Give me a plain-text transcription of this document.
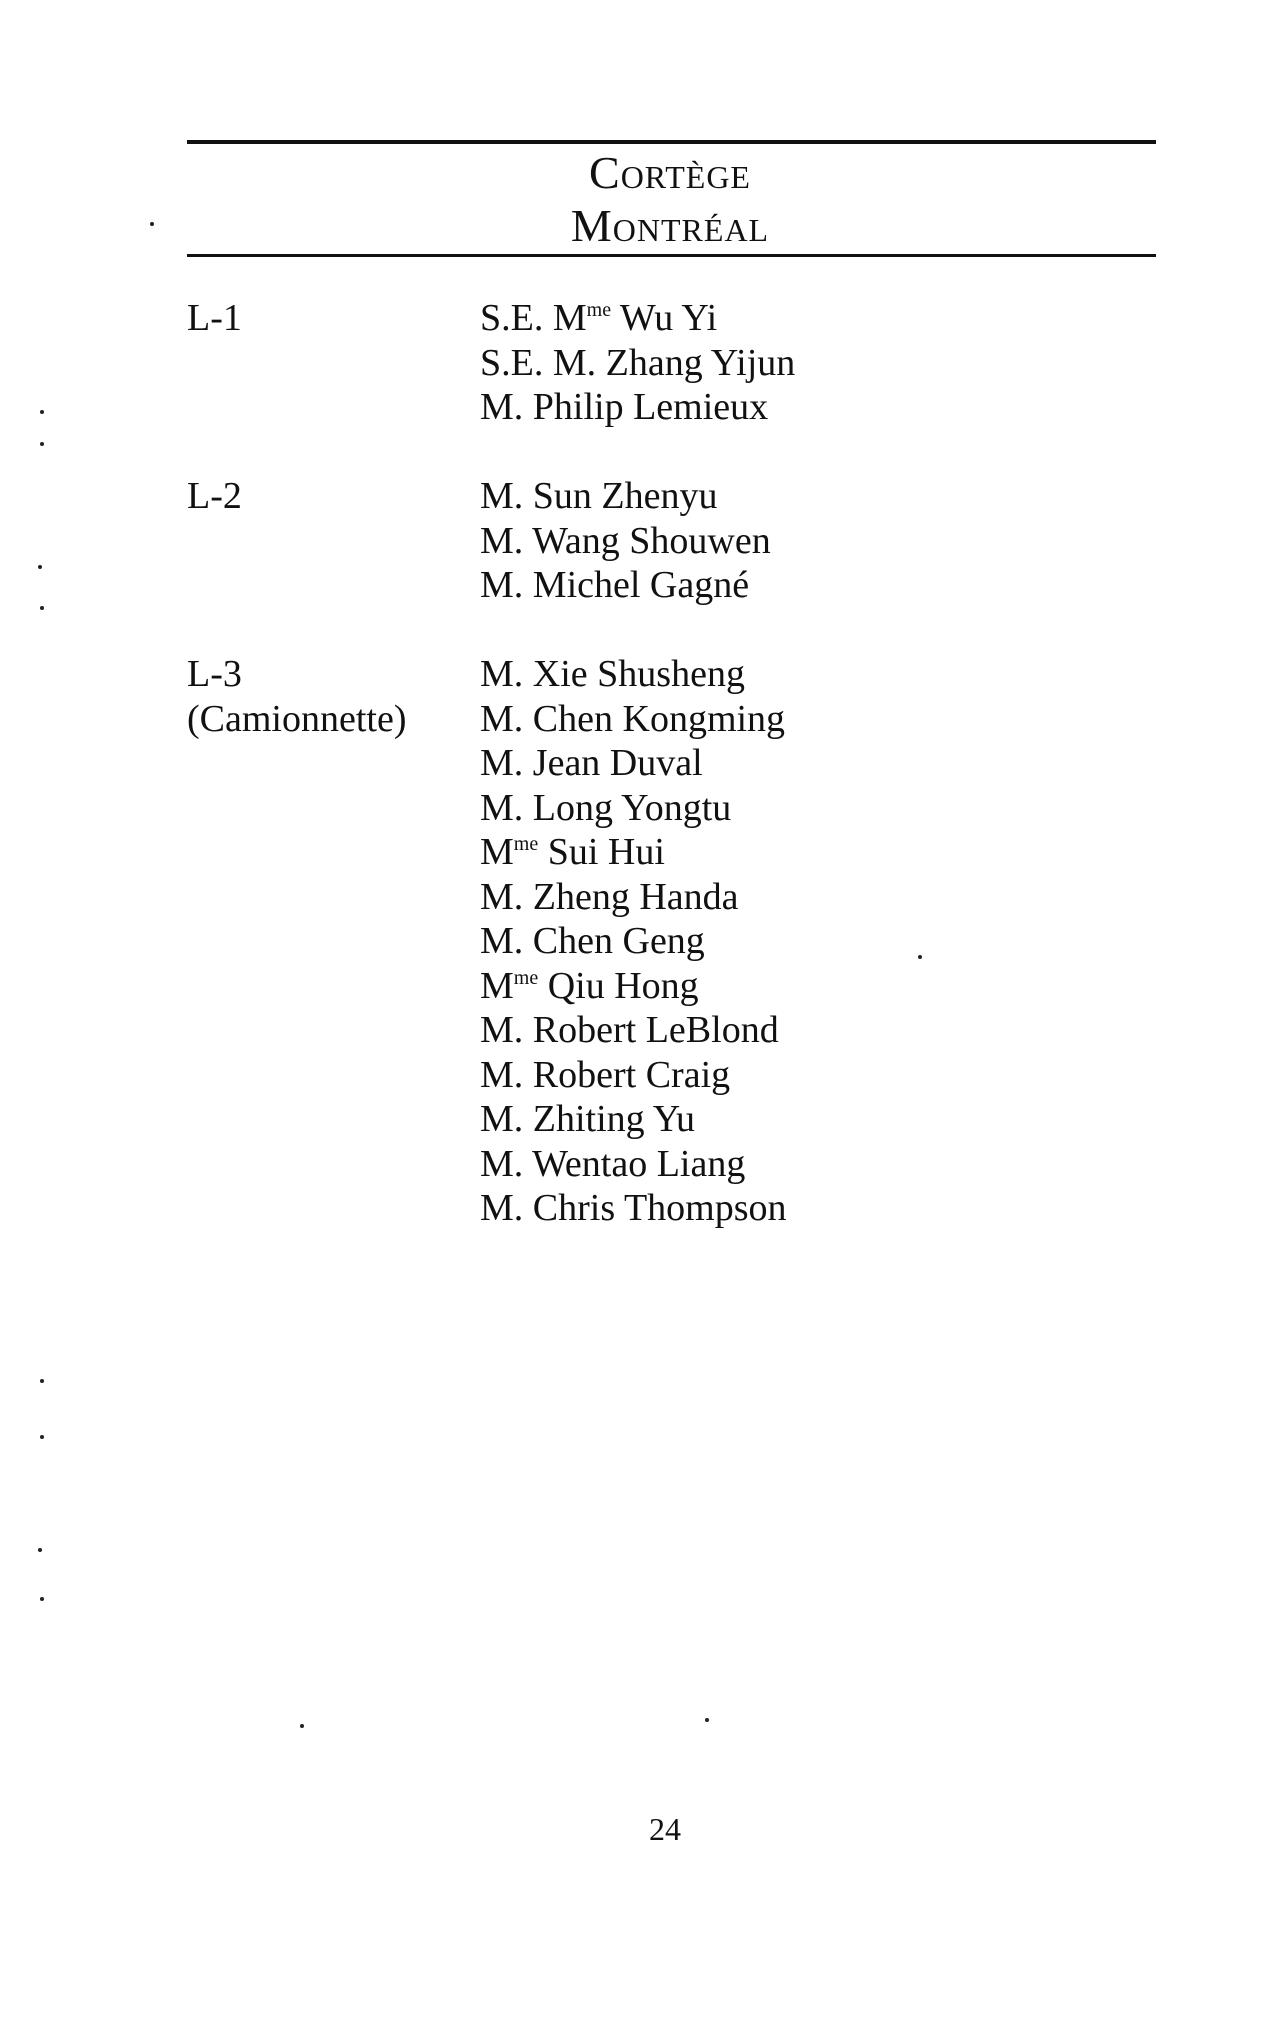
Cortège
Montréal
L-1	S.E. $M^{me}$ Wu Yi
S.E. M. Zhang Yijun
M. Philip Lemieux
L-2	M. Sun Zhenyu
M. Wang Shouwen
M. Michel Gagné
L-3
(Camionnette)
M. Xie Shusheng
M. Chen Kongming
M. Jean Duval
M. Long Yongtu
$M^{me}$ Sui Hui
M. Zheng Handa
M. Chen Geng
$M^{me}$ Qiu Hong
M. Robert LeBlond
M. Robert Craig
M. Zhiting Yu
M. Wentao Liang
M. Chris Thompson
24
